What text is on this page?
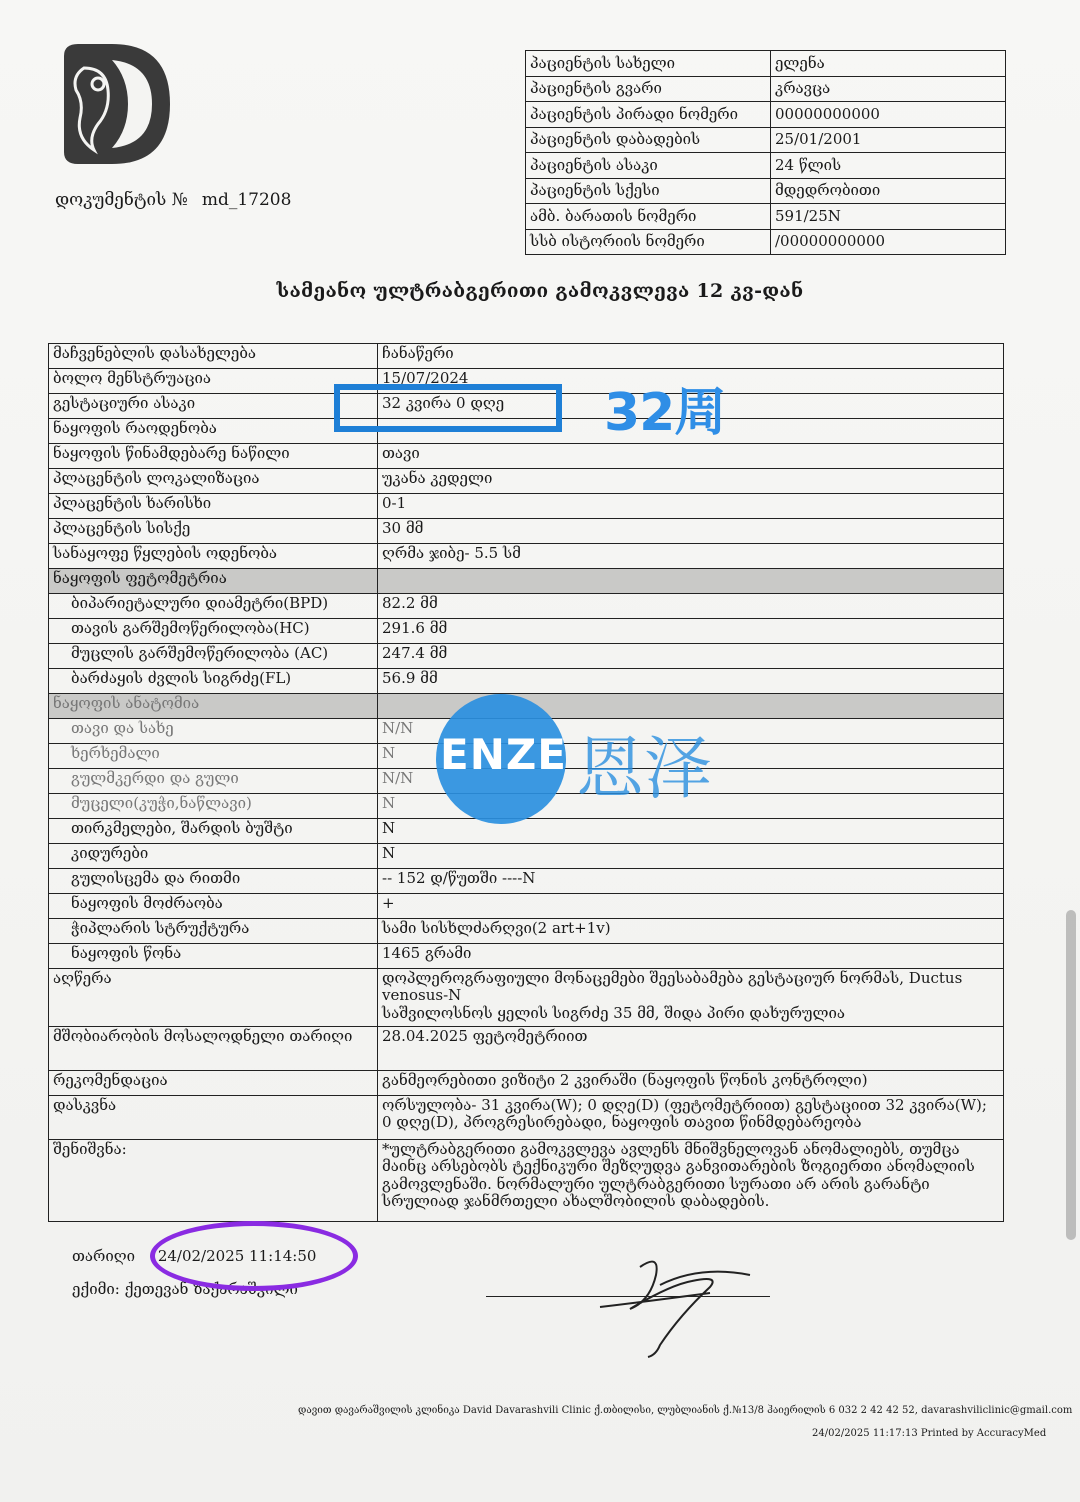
დოკუმენტის № md_17208
პაციენტის სახელი	ელენა
პაციენტის გვარი	კრავცა
პაციენტის პირადი ნომერი	00000000000
პაციენტის დაბადების	25/01/2001
პაციენტის ასაკი	24 წლის
პაციენტის სქესი	მდედრობითი
ამბ. ბარათის ნომერი	591/25N
სსბ ისტორიის ნომერი	/00000000000
სამეანო ულტრაბგერითი გამოკვლევა 12 კვ-დან
მაჩვენებლის დასახელება	ჩანაწერი
ბოლო მენსტრუაცია	15/07/2024
გესტაციური ასაკი	32 კვირა 0 დღე
ნაყოფის რაოდენობა	
ნაყოფის წინამდებარე ნაწილი	თავი
პლაცენტის ლოკალიზაცია	უკანა კედელი
პლაცენტის ხარისხი	0-1
პლაცენტის სისქე	30 მმ
სანაყოფე წყლების ოდენობა	ღრმა ჯიბე- 5.5 სმ
ნაყოფის ფეტომეტრია	
ბიპარიეტალური დიამეტრი(BPD)	82.2 მმ
თავის გარშემოწერილობა(HC)	291.6 მმ
მუცლის გარშემოწერილობა (AC)	247.4 მმ
ბარძაყის ძვლის სიგრძე(FL)	56.9 მმ
ნაყოფის ანატომია	
თავი და სახე	N/N
ხერხემალი	N
გულმკერდი და გული	N/N
მუცელი(კუჭი,ნაწლავი)	N
თირკმელები, შარდის ბუშტი	N
კიდურები	N
გულისცემა და რითმი	-- 152 დ/წუთში ----N
ნაყოფის მოძრაობა	+
ჭიპლარის სტრუქტურა	სამი სისხლძარღვი(2 art+1v)
ნაყოფის წონა	1465 გრამი
აღწერა	დოპლეროგრაფიული მონაცემები შეესაბამება გესტაციურ ნორმას, Ductus venosus-N
საშვილოსნოს ყელის სიგრძე 35 მმ, შიდა პირი დახურულია

მშობიარობის მოსალოდნელი თარიღი	28.04.2025 ფეტომეტრიით
რეკომენდაცია	განმეორებითი ვიზიტი 2 კვირაში (ნაყოფის წონის კონტროლი)
დასკვნა	ორსულობა- 31 კვირა(W); 0 დღე(D) (ფეტომეტრიით) გესტაციით 32 კვირა(W); 0 დღე(D), პროგრესირებადი, ნაყოფის თავით წინმდებარეობა
შენიშვნა:	*ულტრაბგერითი გამოკვლევა ავლენს მნიშვნელოვან ანომალიებს, თუმცა მაინც არსებობს ტექნიკური შეზღუდვა განვითარების ზოგიერთი ანომალიის გამოვლენაში. ნორმალური ულტრაბგერითი სურათი არ არის გარანტი სრულიად ჯანმრთელი ახალშობილის დაბადების.
თარიღი 24/02/2025 11:14:50
ექიმი: ქეთევან ზაქარაშვილი
დავით დავარაშვილის კლინიკა David Davarashvili Clinic ქ.თბილისი, ლუბლიანის ქ.№13/8 ჰაიერილის 6 032 2 42 42 52, davarashviliclinic@gmail.com
24/02/2025 11:17:13 Printed by AccuracyMed
32周
ENZE 恩泽
